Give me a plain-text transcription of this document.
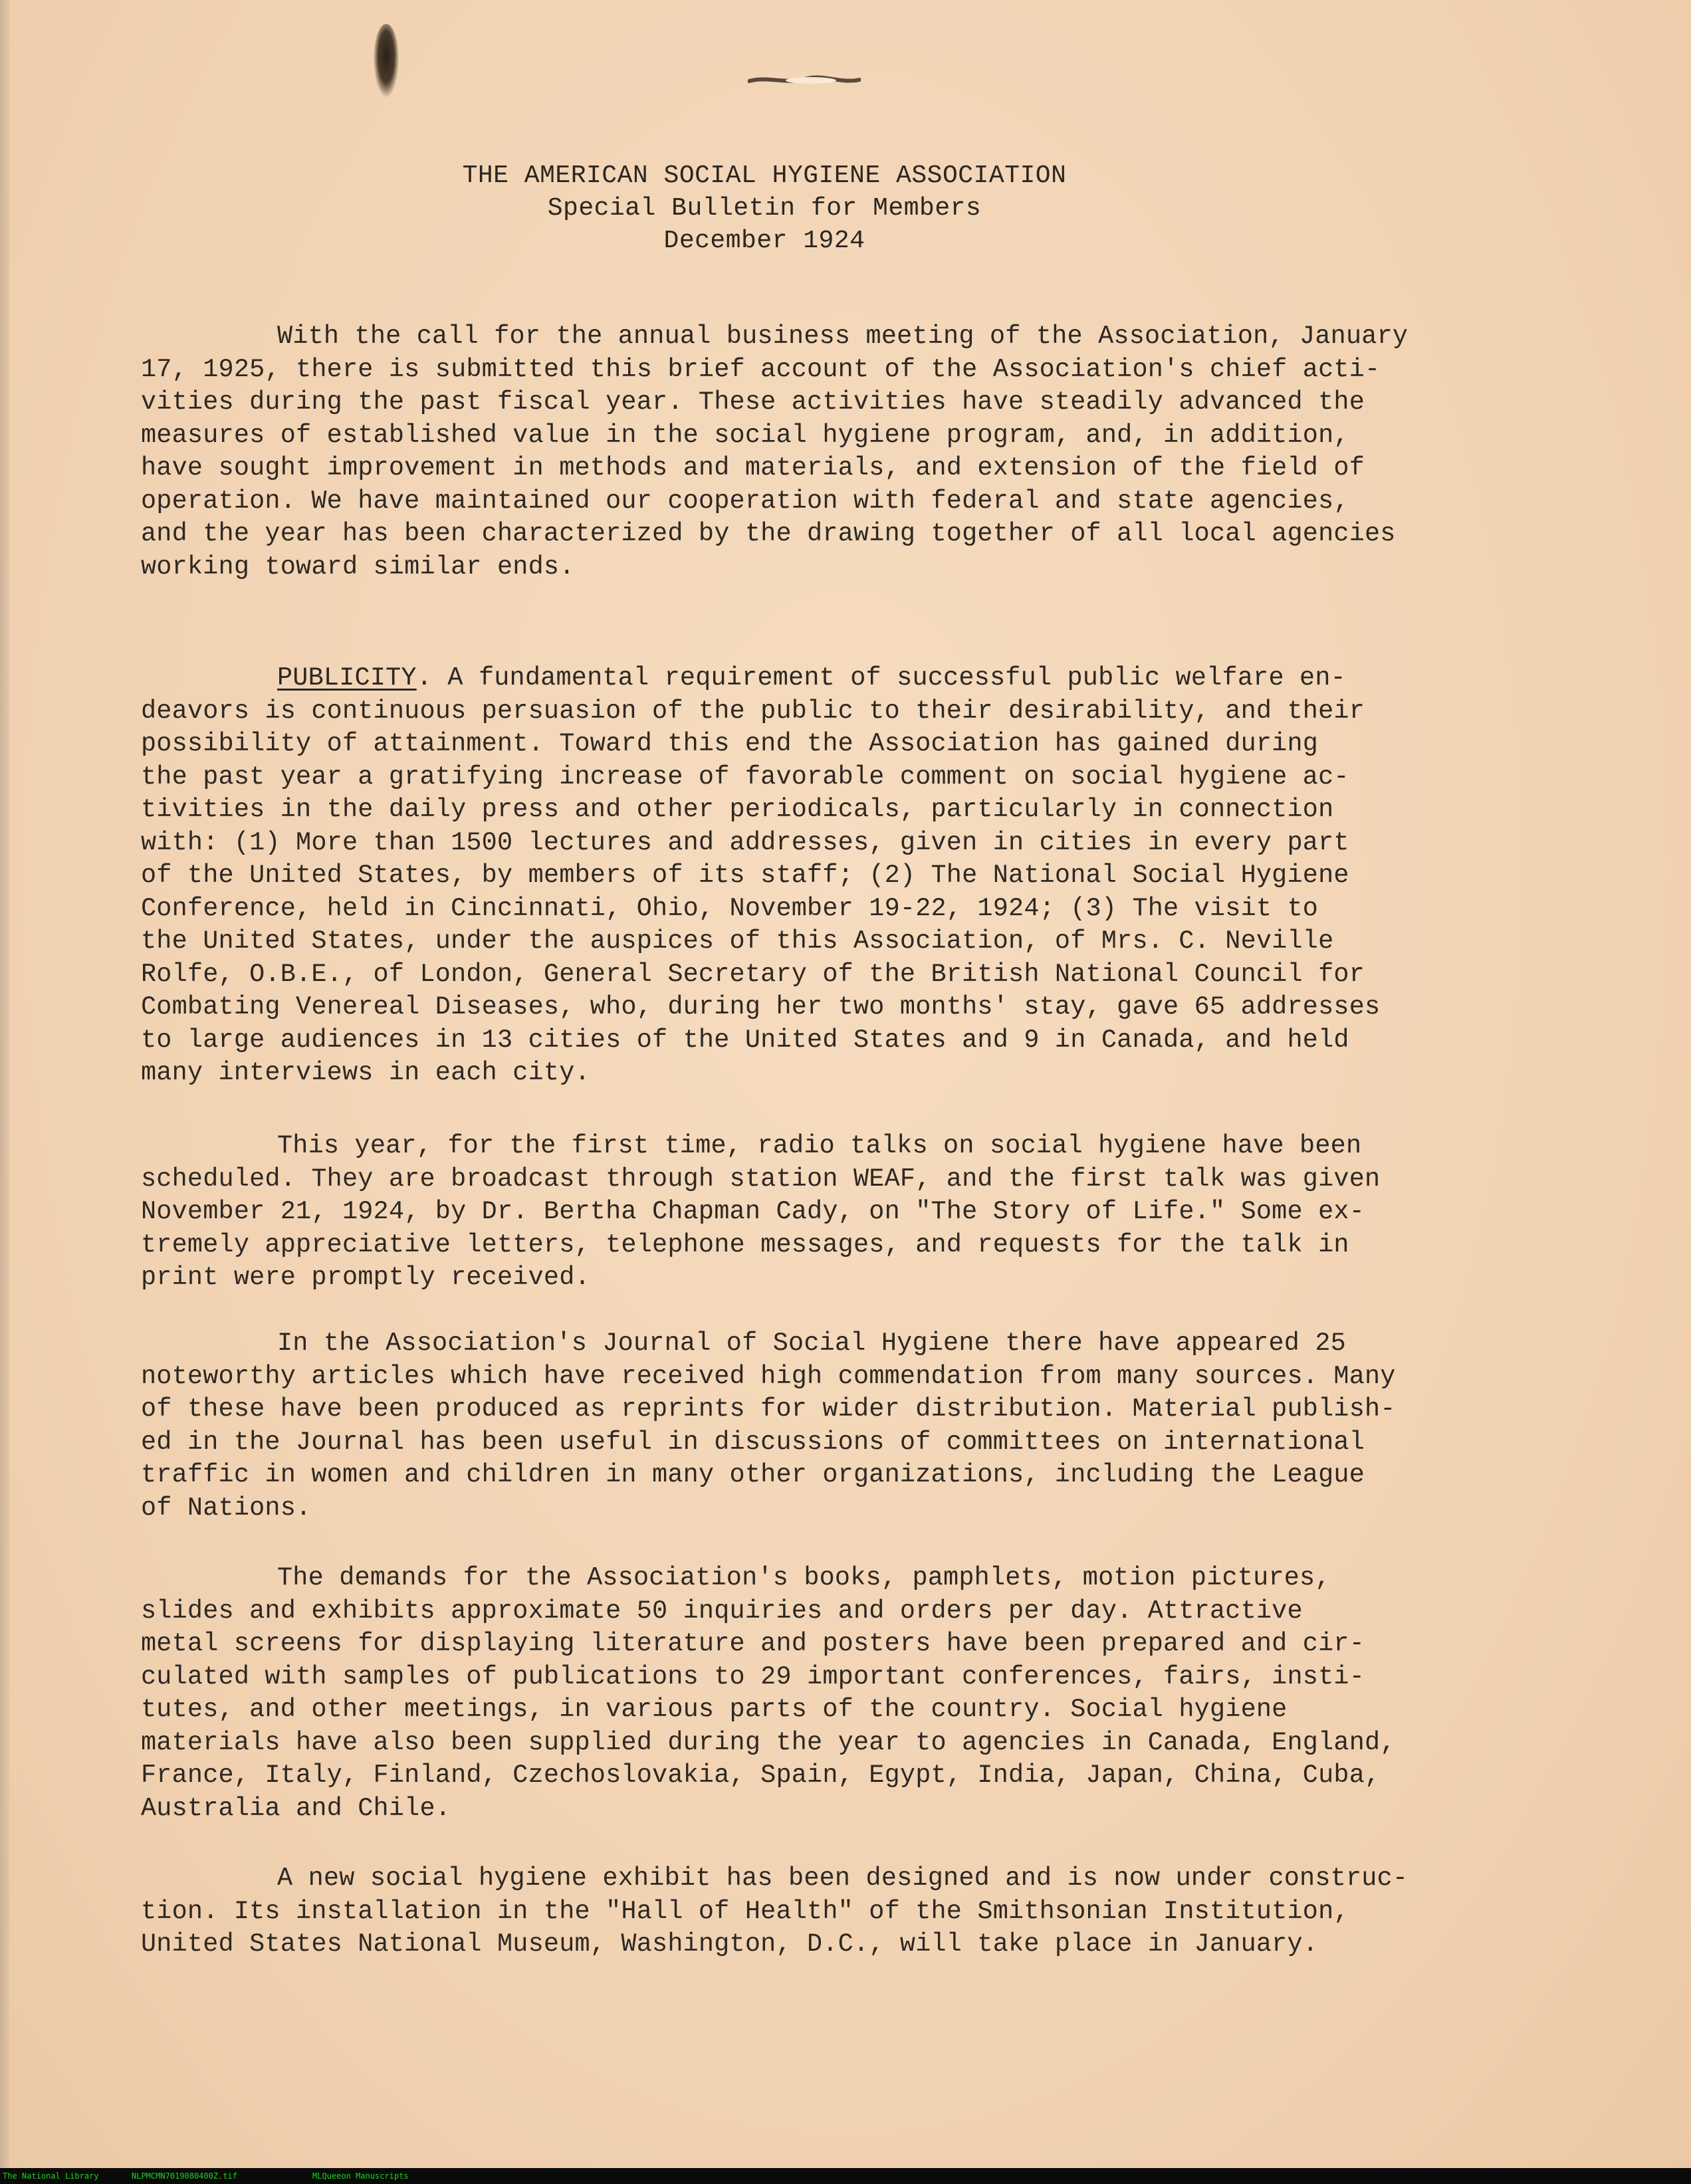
THE AMERICAN SOCIAL HYGIENE ASSOCIATION
Special Bulletin for Members
December 1924
With the call for the annual business meeting of the Association, January
17, 1925, there is submitted this brief account of the Association's chief acti-
vities during the past fiscal year. These activities have steadily advanced the
measures of established value in the social hygiene program, and, in addition,
have sought improvement in methods and materials, and extension of the field of
operation. We have maintained our cooperation with federal and state agencies,
and the year has been characterized by the drawing together of all local agencies
working toward similar ends.
PUBLICITY. A fundamental requirement of successful public welfare en-
deavors is continuous persuasion of the public to their desirability, and their
possibility of attainment. Toward this end the Association has gained during
the past year a gratifying increase of favorable comment on social hygiene ac-
tivities in the daily press and other periodicals, particularly in connection
with: (1) More than 1500 lectures and addresses, given in cities in every part
of the United States, by members of its staff; (2) The National Social Hygiene
Conference, held in Cincinnati, Ohio, November 19-22, 1924; (3) The visit to
the United States, under the auspices of this Association, of Mrs. C. Neville
Rolfe, O.B.E., of London, General Secretary of the British National Council for
Combating Venereal Diseases, who, during her two months' stay, gave 65 addresses
to large audiences in 13 cities of the United States and 9 in Canada, and held
many interviews in each city.
This year, for the first time, radio talks on social hygiene have been
scheduled. They are broadcast through station WEAF, and the first talk was given
November 21, 1924, by Dr. Bertha Chapman Cady, on "The Story of Life." Some ex-
tremely appreciative letters, telephone messages, and requests for the talk in
print were promptly received.
In the Association's Journal of Social Hygiene there have appeared 25
noteworthy articles which have received high commendation from many sources. Many
of these have been produced as reprints for wider distribution. Material publish-
ed in the Journal has been useful in discussions of committees on international
traffic in women and children in many other organizations, including the League
of Nations.
The demands for the Association's books, pamphlets, motion pictures,
slides and exhibits approximate 50 inquiries and orders per day. Attractive
metal screens for displaying literature and posters have been prepared and cir-
culated with samples of publications to 29 important conferences, fairs, insti-
tutes, and other meetings, in various parts of the country. Social hygiene
materials have also been supplied during the year to agencies in Canada, England,
France, Italy, Finland, Czechoslovakia, Spain, Egypt, India, Japan, China, Cuba,
Australia and Chile.
A new social hygiene exhibit has been designed and is now under construc-
tion. Its installation in the "Hall of Health" of the Smithsonian Institution,
United States National Museum, Washington, D.C., will take place in January.
The National Library	NLPMCMN7019080400Z.tif	MLQueeon Manuscripts
